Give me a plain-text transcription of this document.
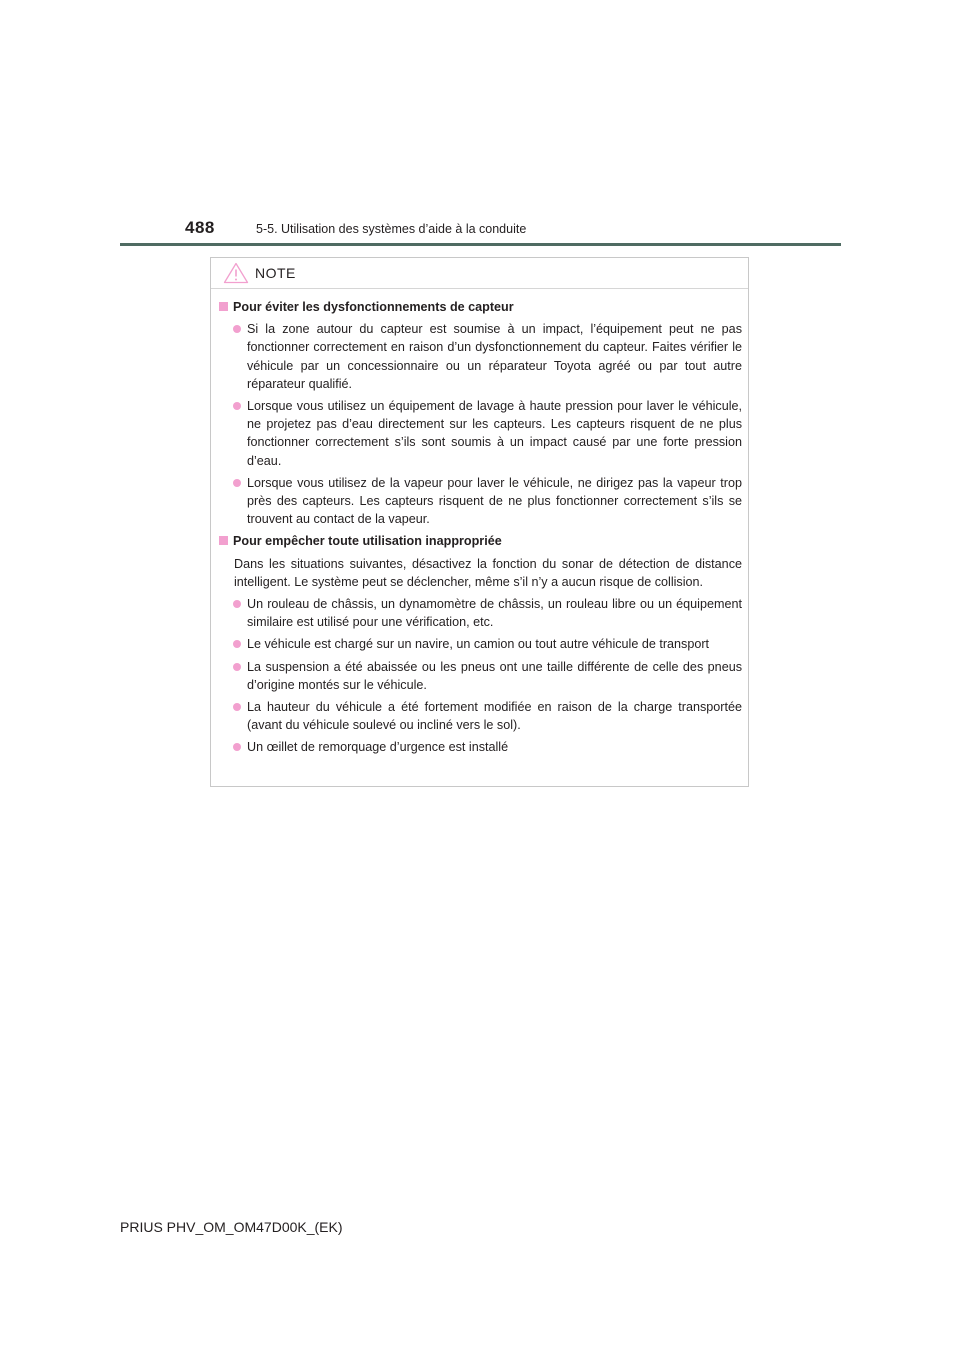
488	5-5. Utilisation des systèmes d’aide à la conduite
NOTE
Pour éviter les dysfonctionnements de capteur
Si la zone autour du capteur est soumise à un impact, l’équipement peut ne pas fonctionner correctement en raison d’un dysfonctionnement du capteur. Faites vérifier le véhicule par un concessionnaire ou un réparateur Toyota agréé ou par tout autre réparateur qualifié.
Lorsque vous utilisez un équipement de lavage à haute pression pour laver le véhicule, ne projetez pas d’eau directement sur les capteurs. Les capteurs risquent de ne plus fonctionner correctement s’ils sont soumis à un impact causé par une forte pression d’eau.
Lorsque vous utilisez de la vapeur pour laver le véhicule, ne dirigez pas la vapeur trop près des capteurs. Les capteurs risquent de ne plus fonctionner correctement s’ils se trouvent au contact de la vapeur.
Pour empêcher toute utilisation inappropriée
Dans les situations suivantes, désactivez la fonction du sonar de détection de distance intelligent. Le système peut se déclencher, même s’il n’y a aucun risque de collision.
Un rouleau de châssis, un dynamomètre de châssis, un rouleau libre ou un équipement similaire est utilisé pour une vérification, etc.
Le véhicule est chargé sur un navire, un camion ou tout autre véhicule de transport
La suspension a été abaissée ou les pneus ont une taille différente de celle des pneus d’origine montés sur le véhicule.
La hauteur du véhicule a été fortement modifiée en raison de la charge transportée (avant du véhicule soulevé ou incliné vers le sol).
Un œillet de remorquage d’urgence est installé
PRIUS PHV_OM_OM47D00K_(EK)
